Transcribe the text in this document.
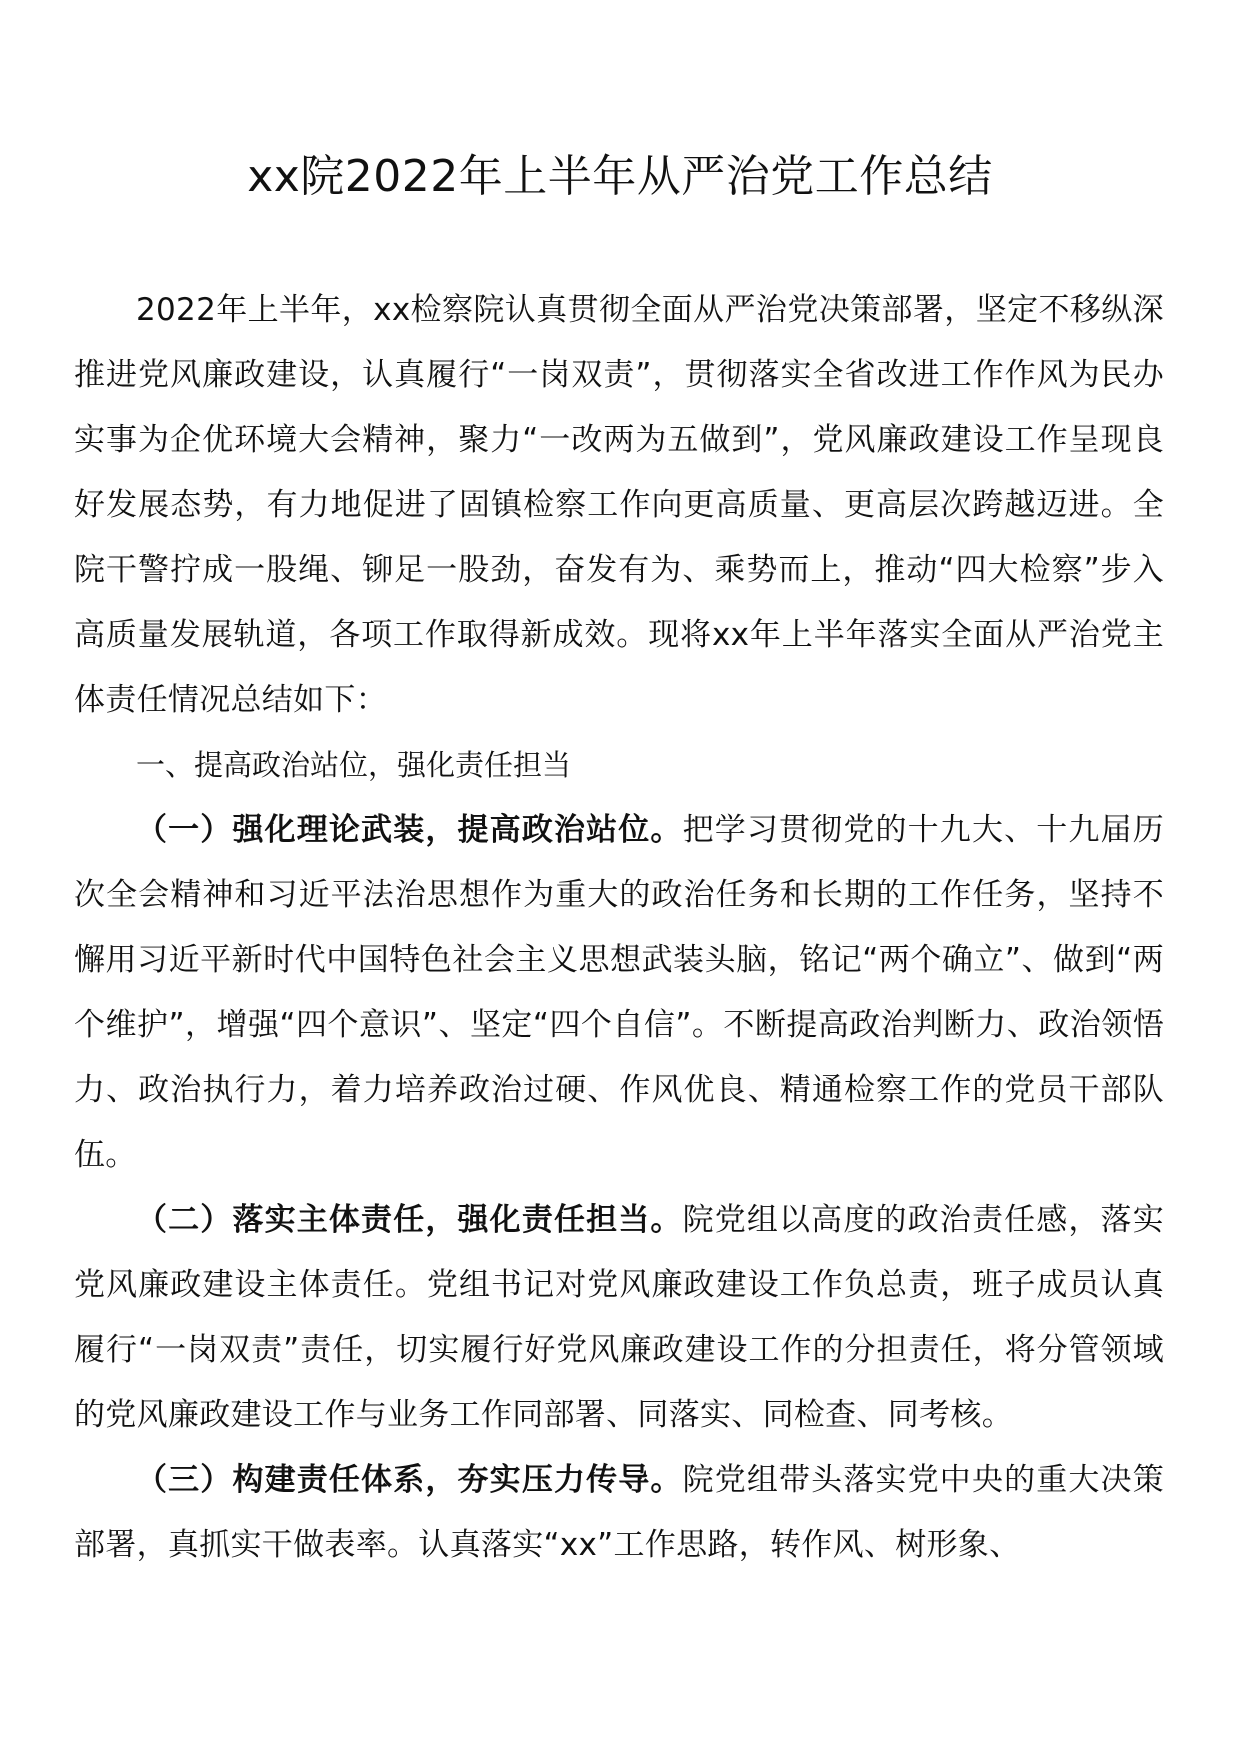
xx院2022年上半年从严治党工作总结

2022年上半年，xx检察院认真贯彻全面从严治党决策部署，坚定不移纵深推进党风廉政建设，认真履行“一岗双责”，贯彻落实全省改进工作作风为民办实事为企优环境大会精神，聚力“一改两为五做到”，党风廉政建设工作呈现良好发展态势，有力地促进了固镇检察工作向更高质量、更高层次跨越迈进。全院干警拧成一股绳、铆足一股劲，奋发有为、乘势而上，推动“四大检察”步入高质量发展轨道，各项工作取得新成效。现将xx年上半年落实全面从严治党主体责任情况总结如下：

一、提高政治站位，强化责任担当

（一）强化理论武装，提高政治站位。把学习贯彻党的十九大、十九届历次全会精神和习近平法治思想作为重大的政治任务和长期的工作任务，坚持不懈用习近平新时代中国特色社会主义思想武装头脑，铭记“两个确立”、做到“两个维护”，增强“四个意识”、坚定“四个自信”。不断提高政治判断力、政治领悟力、政治执行力，着力培养政治过硬、作风优良、精通检察工作的党员干部队伍。

（二）落实主体责任，强化责任担当。院党组以高度的政治责任感，落实党风廉政建设主体责任。党组书记对党风廉政建设工作负总责，班子成员认真履行“一岗双责”责任，切实履行好党风廉政建设工作的分担责任，将分管领域的党风廉政建设工作与业务工作同部署、同落实、同检查、同考核。

（三）构建责任体系，夯实压力传导。院党组带头落实党中央的重大决策部署，真抓实干做表率。认真落实“xx”工作思路，转作风、树形象、
